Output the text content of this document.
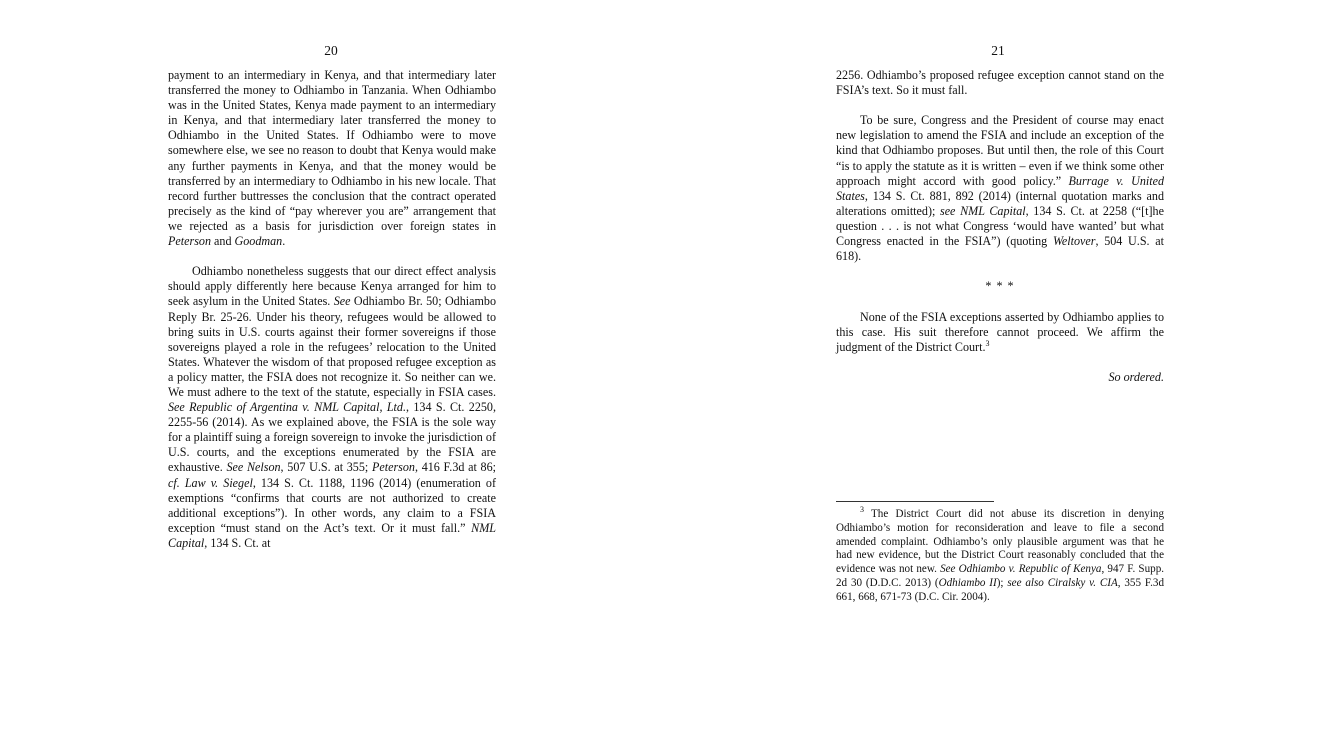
20

payment to an intermediary in Kenya, and that intermediary later transferred the money to Odhiambo in Tanzania. When Odhiambo was in the United States, Kenya made payment to an intermediary in Kenya, and that intermediary later transferred the money to Odhiambo in the United States. If Odhiambo were to move somewhere else, we see no reason to doubt that Kenya would make any further payments in Kenya, and that the money would be transferred by an intermediary to Odhiambo in his new locale. That record further buttresses the conclusion that the contract operated precisely as the kind of “pay wherever you are” arrangement that we rejected as a basis for jurisdiction over foreign states in Peterson and Goodman.

Odhiambo nonetheless suggests that our direct effect analysis should apply differently here because Kenya arranged for him to seek asylum in the United States. See Odhiambo Br. 50; Odhiambo Reply Br. 25-26. Under his theory, refugees would be allowed to bring suits in U.S. courts against their former sovereigns if those sovereigns played a role in the refugees’ relocation to the United States. Whatever the wisdom of that proposed refugee exception as a policy matter, the FSIA does not recognize it. So neither can we. We must adhere to the text of the statute, especially in FSIA cases. See Republic of Argentina v. NML Capital, Ltd., 134 S. Ct. 2250, 2255-56 (2014). As we explained above, the FSIA is the sole way for a plaintiff suing a foreign sovereign to invoke the jurisdiction of U.S. courts, and the exceptions enumerated by the FSIA are exhaustive. See Nelson, 507 U.S. at 355; Peterson, 416 F.3d at 86; cf. Law v. Siegel, 134 S. Ct. 1188, 1196 (2014) (enumeration of exemptions “confirms that courts are not authorized to create additional exceptions”). In other words, any claim to a FSIA exception “must stand on the Act’s text. Or it must fall.” NML Capital, 134 S. Ct. at

21

2256. Odhiambo’s proposed refugee exception cannot stand on the FSIA’s text. So it must fall.

To be sure, Congress and the President of course may enact new legislation to amend the FSIA and include an exception of the kind that Odhiambo proposes. But until then, the role of this Court “is to apply the statute as it is written – even if we think some other approach might accord with good policy.” Burrage v. United States, 134 S. Ct. 881, 892 (2014) (internal quotation marks and alterations omitted); see NML Capital, 134 S. Ct. at 2258 (“[t]he question . . . is not what Congress ‘would have wanted’ but what Congress enacted in the FSIA”) (quoting Weltover, 504 U.S. at 618).

* * *

None of the FSIA exceptions asserted by Odhiambo applies to this case. His suit therefore cannot proceed. We affirm the judgment of the District Court.$^3$

So ordered.

$^3$ The District Court did not abuse its discretion in denying Odhiambo’s motion for reconsideration and leave to file a second amended complaint. Odhiambo’s only plausible argument was that he had new evidence, but the District Court reasonably concluded that the evidence was not new. See Odhiambo v. Republic of Kenya, 947 F. Supp. 2d 30 (D.D.C. 2013) (Odhiambo II); see also Ciralsky v. CIA, 355 F.3d 661, 668, 671-73 (D.C. Cir. 2004).
